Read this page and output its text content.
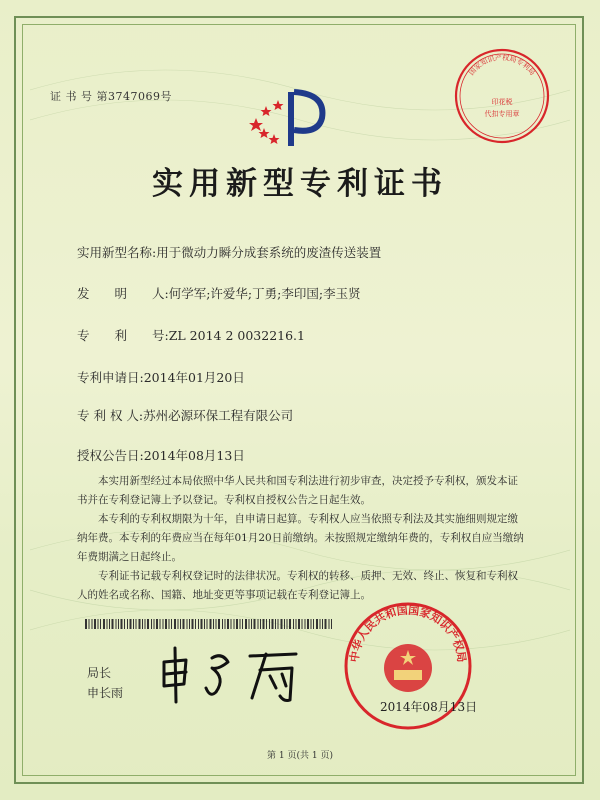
证 书 号 第3747069号
实用新型专利证书
实用新型名称:用于微动力瞬分成套系统的废渣传送装置
发　　明　　人:何学军;许爱华;丁勇;李印国;李玉贤
专　　利　　号:ZL 2014 2 0032216.1
专利申请日:2014年01月20日
专 利 权 人:苏州必源环保工程有限公司
授权公告日:2014年08月13日
本实用新型经过本局依照中华人民共和国专利法进行初步审查，决定授予专利权，颁发本证书并在专利登记簿上予以登记。专利权自授权公告之日起生效。
本专利的专利权期限为十年，自申请日起算。专利权人应当依照专利法及其实施细则规定缴纳年费。本专利的年费应当在每年01月20日前缴纳。未按照规定缴纳年费的，专利权自应当缴纳年费期满之日起终止。
专利证书记载专利权登记时的法律状况。专利权的转移、质押、无效、终止、恢复和专利权人的姓名或名称、国籍、地址变更等事项记载在专利登记簿上。
局长
申长雨
国家知识产权局专利局
印花税
代扣专用章
中华人民共和国国家知识产权局
2014年08月13日
第 1 页(共 1 页)
